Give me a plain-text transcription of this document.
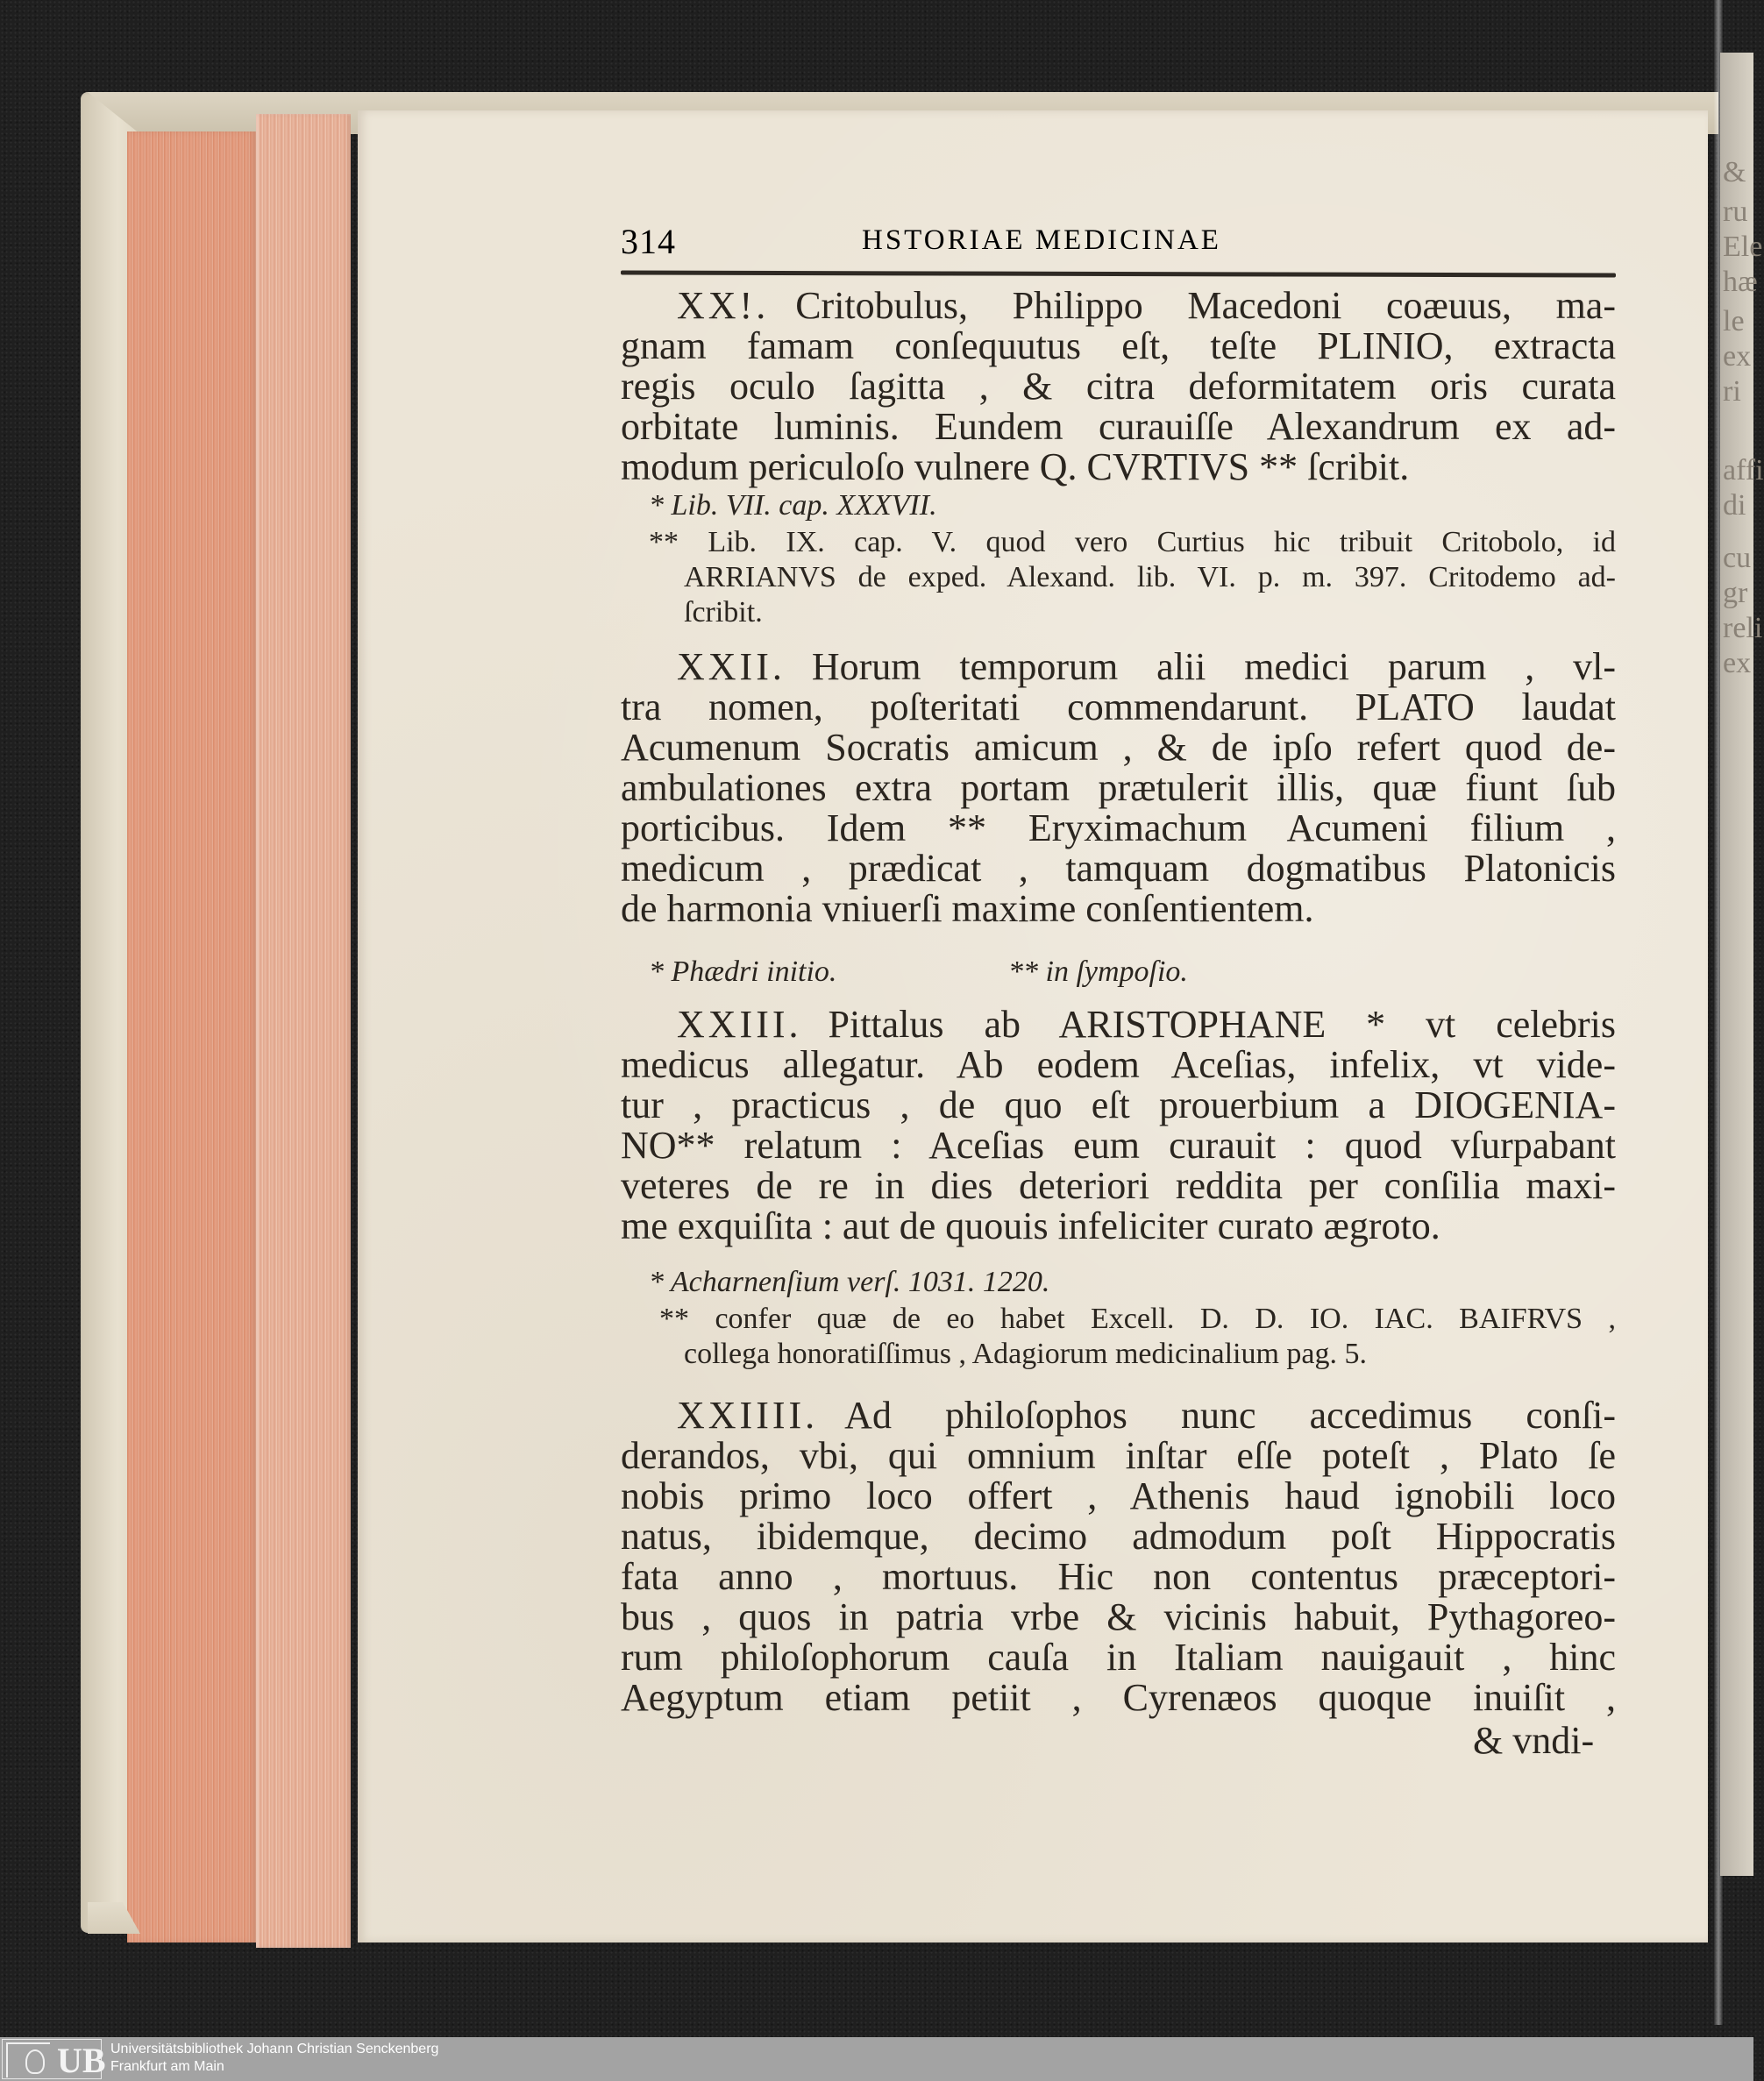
&
ru
Ele
hæ
le
ex
ri
affi
di
cu
gr
reli
ex
314	HSTORIAE MEDICINAE
XX!. Critobulus, Philippo Macedoni coæuus, ma-
gnam famam conſequutus eſt, teſte PLINIO, extracta
regis oculo ſagitta , & citra deformitatem oris curata
orbitate luminis. Eundem curauiſſe Alexandrum ex ad-
modum periculoſo vulnere Q. CVRTIVS ** ſcribit.
* Lib. VII. cap. XXXVII.
** Lib. IX. cap. V. quod vero Curtius hic tribuit Critobolo, id
ARRIANVS de exped. Alexand. lib. VI. p. m. 397. Critodemo ad-
ſcribit.
XXII. Horum temporum alii medici parum , vl-
tra nomen, poſteritati commendarunt. PLATO laudat
Acumenum Socratis amicum , & de ipſo refert quod de-
ambulationes extra portam prætulerit illis, quæ fiunt ſub
porticibus. Idem ** Eryximachum Acumeni filium ,
medicum , prædicat , tamquam dogmatibus Platonicis
de harmonia vniuerſi maxime conſentientem.
* Phædri initio.	** in ſympoſio.
XXIII. Pittalus ab ARISTOPHANE * vt celebris
medicus allegatur. Ab eodem Aceſias, infelix, vt vide-
tur , practicus , de quo eſt prouerbium a DIOGENIA-
NO** relatum : Aceſias eum curauit : quod vſurpabant
veteres de re in dies deteriori reddita per conſilia maxi-
me exquiſita : aut de quouis infeliciter curato ægroto.
* Acharnenſium verſ. 1031. 1220.
** confer quæ de eo habet Excell. D. D. IO. IAC. BAIFRVS ,
collega honoratiſſimus , Adagiorum medicinalium pag. 5.
XXIIII. Ad philoſophos nunc accedimus conſi-
derandos, vbi, qui omnium inſtar eſſe poteſt , Plato ſe
nobis primo loco offert , Athenis haud ignobili loco
natus, ibidemque, decimo admodum poſt Hippocratis
fata anno , mortuus. Hic non contentus præceptori-
bus , quos in patria vrbe & vicinis habuit, Pythagoreo-
rum philoſophorum cauſa in Italiam nauigauit , hinc
Aegyptum etiam petiit , Cyrenæos quoque inuiſit ,
& vndi-
UB Universitätsbibliothek Johann Christian Senckenberg
Frankfurt am Main
